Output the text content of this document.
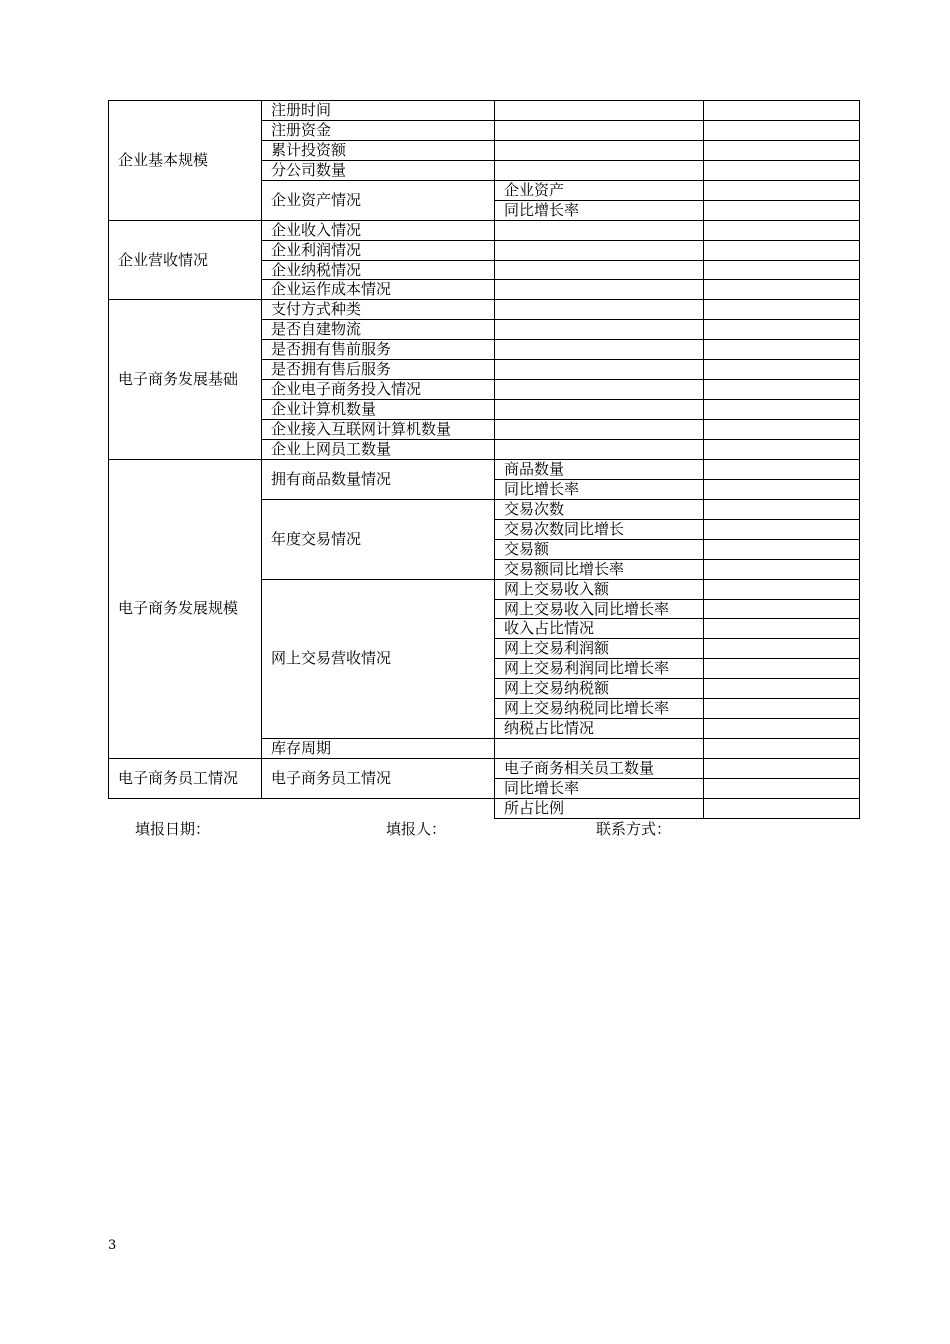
企业基本规模
企业营收情况
电子商务发展基础
电子商务发展规模
电子商务员工情况
企业资产情况
拥有商品数量情况
年度交易情况
网上交易营收情况
电子商务员工情况
注册时间
注册资金
累计投资额
分公司数量
企业资产
同比增长率
企业收入情况
企业利润情况
企业纳税情况
企业运作成本情况
支付方式种类
是否自建物流
是否拥有售前服务
是否拥有售后服务
企业电子商务投入情况
企业计算机数量
企业接入互联网计算机数量
企业上网员工数量
商品数量
同比增长率
交易次数
交易次数同比增长
交易额
交易额同比增长率
网上交易收入额
网上交易收入同比增长率
收入占比情况
网上交易利润额
网上交易利润同比增长率
网上交易纳税额
网上交易纳税同比增长率
纳税占比情况
库存周期
电子商务相关员工数量
同比增长率
所占比例
填报日期：	填报人：	联系方式：
3
